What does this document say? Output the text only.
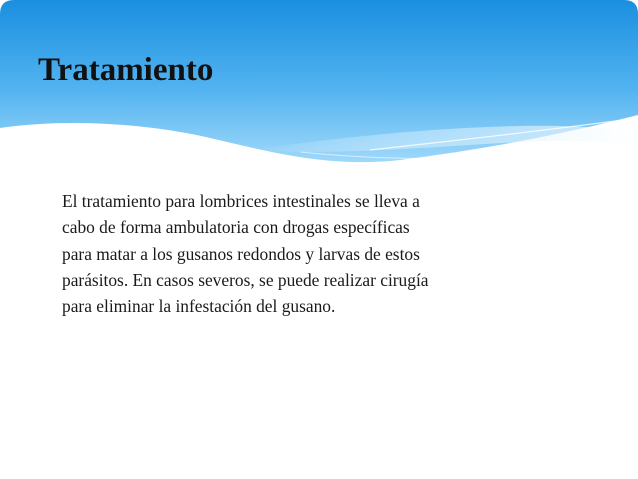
Tratamiento

El tratamiento para lombrices intestinales se lleva a
cabo de forma ambulatoria con drogas específicas
para matar a los gusanos redondos y larvas de estos
parásitos. En casos severos, se puede realizar cirugía
para eliminar la infestación del gusano.
